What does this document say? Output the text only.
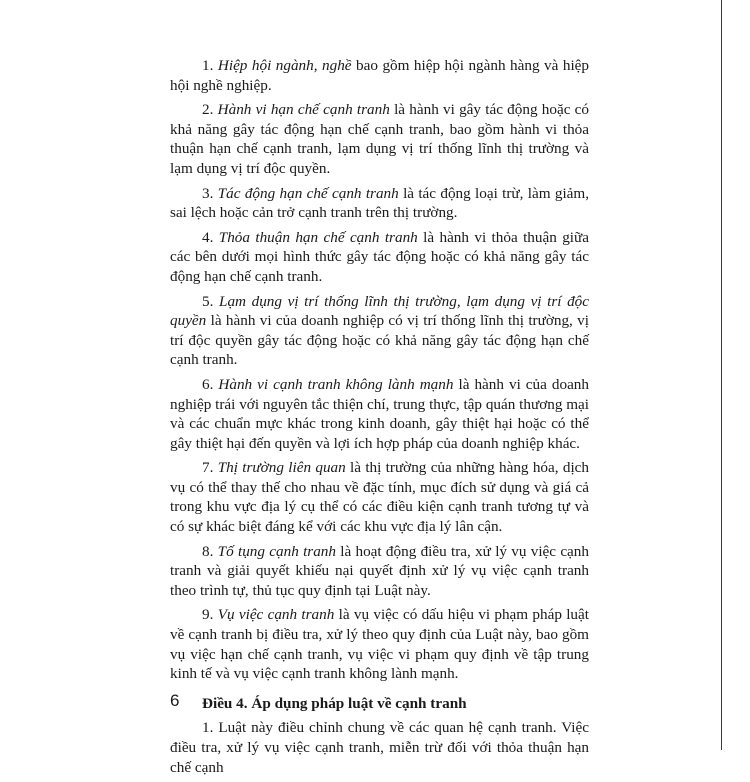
1. Hiệp hội ngành, nghề bao gồm hiệp hội ngành hàng và hiệp hội nghề nghiệp.

2. Hành vi hạn chế cạnh tranh là hành vi gây tác động hoặc có khả năng gây tác động hạn chế cạnh tranh, bao gồm hành vi thỏa thuận hạn chế cạnh tranh, lạm dụng vị trí thống lĩnh thị trường và lạm dụng vị trí độc quyền.

3. Tác động hạn chế cạnh tranh là tác động loại trừ, làm giảm, sai lệch hoặc cản trở cạnh tranh trên thị trường.

4. Thỏa thuận hạn chế cạnh tranh là hành vi thỏa thuận giữa các bên dưới mọi hình thức gây tác động hoặc có khả năng gây tác động hạn chế cạnh tranh.

5. Lạm dụng vị trí thống lĩnh thị trường, lạm dụng vị trí độc quyền là hành vi của doanh nghiệp có vị trí thống lĩnh thị trường, vị trí độc quyền gây tác động hoặc có khả năng gây tác động hạn chế cạnh tranh.

6. Hành vi cạnh tranh không lành mạnh là hành vi của doanh nghiệp trái với nguyên tắc thiện chí, trung thực, tập quán thương mại và các chuẩn mực khác trong kinh doanh, gây thiệt hại hoặc có thể gây thiệt hại đến quyền và lợi ích hợp pháp của doanh nghiệp khác.

7. Thị trường liên quan là thị trường của những hàng hóa, dịch vụ có thể thay thế cho nhau về đặc tính, mục đích sử dụng và giá cả trong khu vực địa lý cụ thể có các điều kiện cạnh tranh tương tự và có sự khác biệt đáng kể với các khu vực địa lý lân cận.

8. Tố tụng cạnh tranh là hoạt động điều tra, xử lý vụ việc cạnh tranh và giải quyết khiếu nại quyết định xử lý vụ việc cạnh tranh theo trình tự, thủ tục quy định tại Luật này.

9. Vụ việc cạnh tranh là vụ việc có dấu hiệu vi phạm pháp luật về cạnh tranh bị điều tra, xử lý theo quy định của Luật này, bao gồm vụ việc hạn chế cạnh tranh, vụ việc vi phạm quy định về tập trung kinh tế và vụ việc cạnh tranh không lành mạnh.

Điều 4. Áp dụng pháp luật về cạnh tranh

1. Luật này điều chỉnh chung về các quan hệ cạnh tranh. Việc điều tra, xử lý vụ việc cạnh tranh, miễn trừ đối với thỏa thuận hạn chế cạnh

6
